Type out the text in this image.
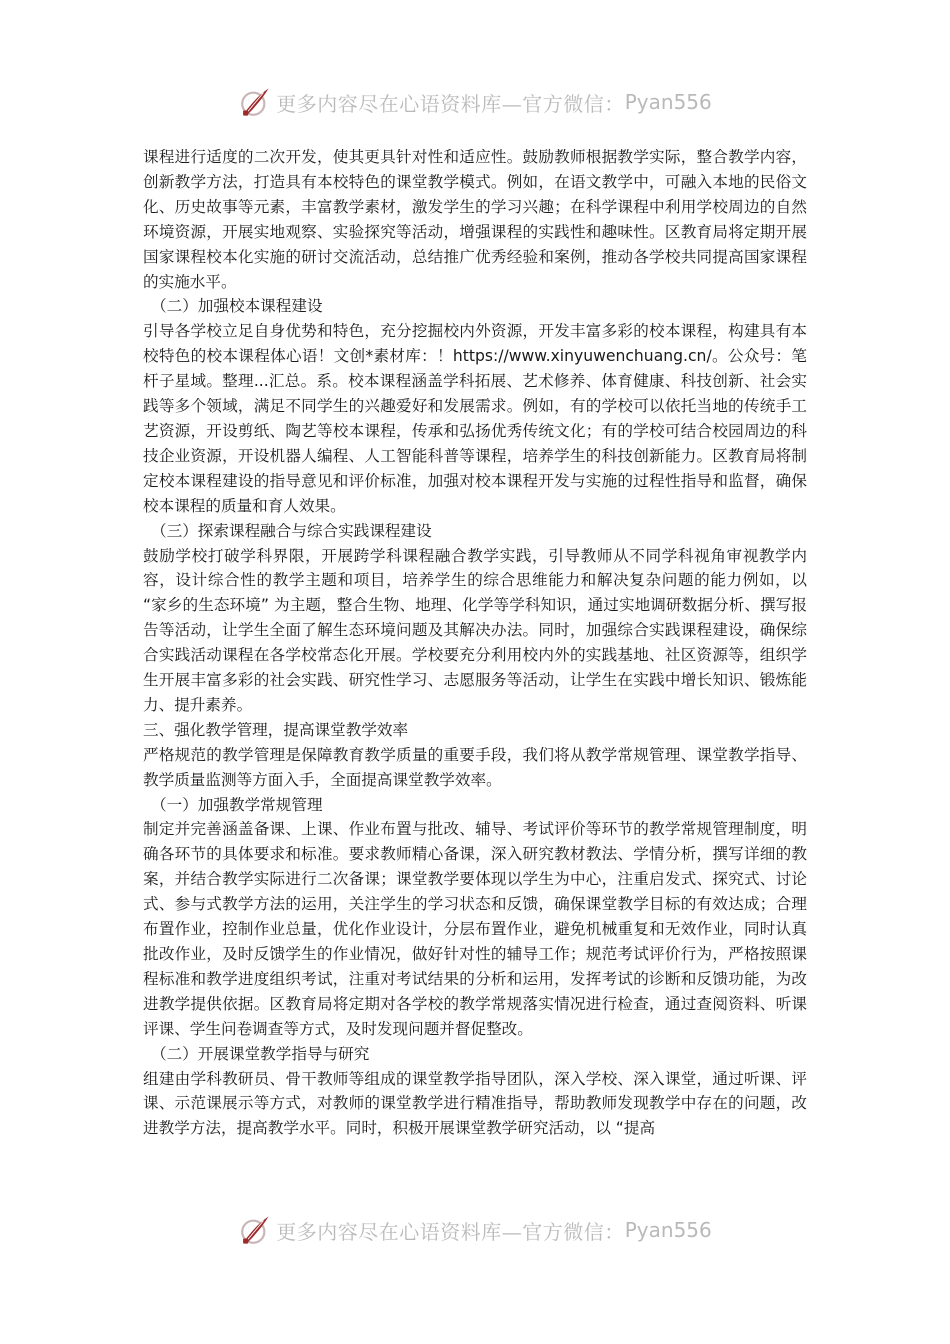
更多内容尽在心语资料库—官方微信： Pyan556

课程进行适度的二次开发，使其更具针对性和适应性。鼓励教师根据教学实际，整合教学内容，创新教学方法，打造具有本校特色的课堂教学模式。例如，在语文教学中，可融入本地的民俗文化、历史故事等元素，丰富教学素材，激发学生的学习兴趣；在科学课程中利用学校周边的自然环境资源，开展实地观察、实验探究等活动，增强课程的实践性和趣味性。区教育局将定期开展国家课程校本化实施的研讨交流活动，总结推广优秀经验和案例，推动各学校共同提高国家课程的实施水平。

（二）加强校本课程建设

引导各学校立足自身优势和特色，充分挖掘校内外资源，开发丰富多彩的校本课程，构建具有本校特色的校本课程体心语！文创*素材库：！https://www.xinyuwenchuang.cn/。公众号：笔杆子星域。整理...汇总。系。校本课程涵盖学科拓展、艺术修养、体育健康、科技创新、社会实践等多个领域，满足不同学生的兴趣爱好和发展需求。例如，有的学校可以依托当地的传统手工艺资源，开设剪纸、陶艺等校本课程，传承和弘扬优秀传统文化；有的学校可结合校园周边的科技企业资源，开设机器人编程、人工智能科普等课程，培养学生的科技创新能力。区教育局将制定校本课程建设的指导意见和评价标准，加强对校本课程开发与实施的过程性指导和监督，确保校本课程的质量和育人效果。

（三）探索课程融合与综合实践课程建设

鼓励学校打破学科界限，开展跨学科课程融合教学实践，引导教师从不同学科视角审视教学内容，设计综合性的教学主题和项目，培养学生的综合思维能力和解决复杂问题的能力例如，以 “家乡的生态环境” 为主题，整合生物、地理、化学等学科知识，通过实地调研数据分析、撰写报告等活动，让学生全面了解生态环境问题及其解决办法。同时，加强综合实践课程建设，确保综合实践活动课程在各学校常态化开展。学校要充分利用校内外的实践基地、社区资源等，组织学生开展丰富多彩的社会实践、研究性学习、志愿服务等活动，让学生在实践中增长知识、锻炼能力、提升素养。

三、强化教学管理，提高课堂教学效率

严格规范的教学管理是保障教育教学质量的重要手段，我们将从教学常规管理、课堂教学指导、教学质量监测等方面入手，全面提高课堂教学效率。

（一）加强教学常规管理

制定并完善涵盖备课、上课、作业布置与批改、辅导、考试评价等环节的教学常规管理制度，明确各环节的具体要求和标准。要求教师精心备课，深入研究教材教法、学情分析，撰写详细的教案，并结合教学实际进行二次备课；课堂教学要体现以学生为中心，注重启发式、探究式、讨论式、参与式教学方法的运用，关注学生的学习状态和反馈，确保课堂教学目标的有效达成；合理布置作业，控制作业总量，优化作业设计，分层布置作业，避免机械重复和无效作业，同时认真批改作业，及时反馈学生的作业情况，做好针对性的辅导工作；规范考试评价行为，严格按照课程标准和教学进度组织考试，注重对考试结果的分析和运用，发挥考试的诊断和反馈功能，为改进教学提供依据。区教育局将定期对各学校的教学常规落实情况进行检查，通过查阅资料、听课评课、学生问卷调查等方式，及时发现问题并督促整改。

（二）开展课堂教学指导与研究

组建由学科教研员、骨干教师等组成的课堂教学指导团队，深入学校、深入课堂，通过听课、评课、示范课展示等方式，对教师的课堂教学进行精准指导，帮助教师发现教学中存在的问题，改进教学方法，提高教学水平。同时，积极开展课堂教学研究活动，以 “提高

更多内容尽在心语资料库—官方微信： Pyan556
